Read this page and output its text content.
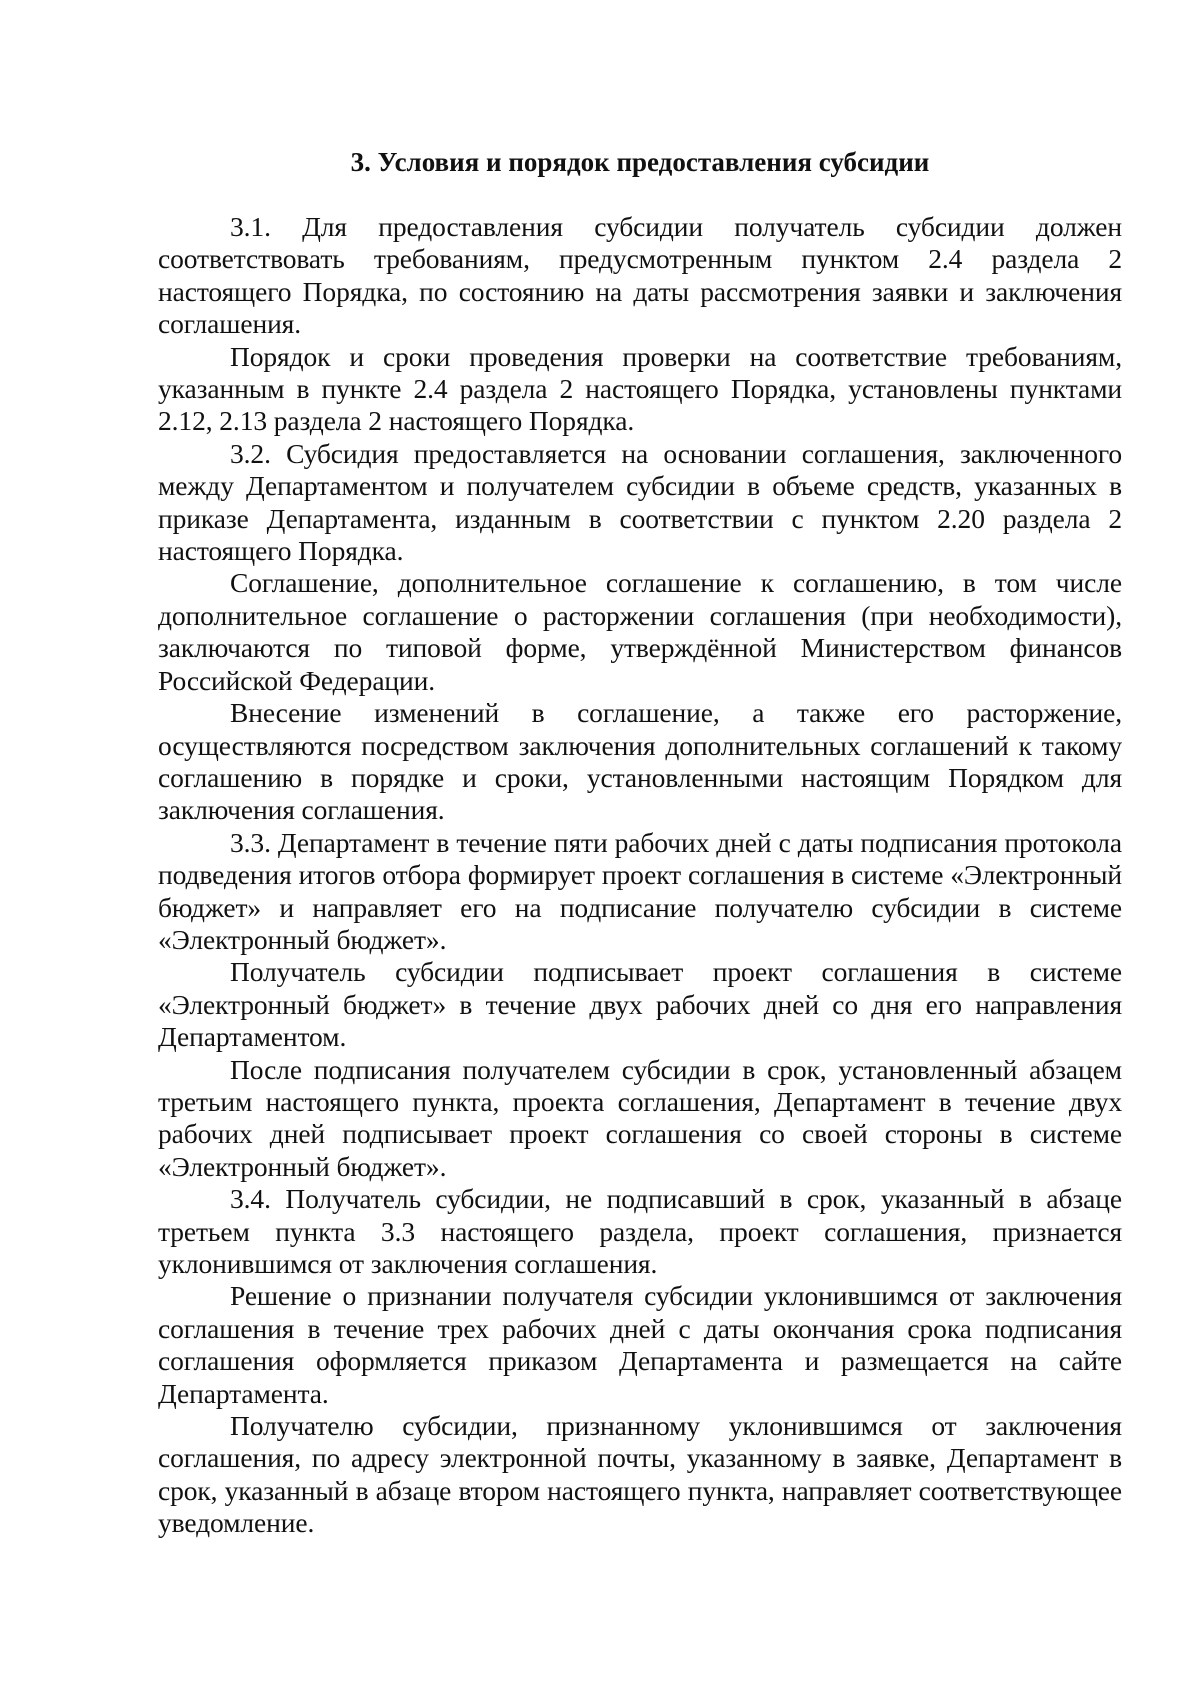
3. Условия и порядок предоставления субсидии

3.1. Для предоставления субсидии получатель субсидии должен соответствовать требованиям, предусмотренным пунктом 2.4 раздела 2 настоящего Порядка, по состоянию на даты рассмотрения заявки и заключения соглашения.

Порядок и сроки проведения проверки на соответствие требованиям, указанным в пункте 2.4 раздела 2 настоящего Порядка, установлены пунктами 2.12, 2.13 раздела 2 настоящего Порядка.

3.2. Субсидия предоставляется на основании соглашения, заключенного между Департаментом и получателем субсидии в объеме средств, указанных в приказе Департамента, изданным в соответствии с пунктом 2.20 раздела 2 настоящего Порядка.

Соглашение, дополнительное соглашение к соглашению, в том числе дополнительное соглашение о расторжении соглашения (при необходимости), заключаются по типовой форме, утверждённой Министерством финансов Российской Федерации.

Внесение изменений в соглашение, а также его расторжение, осуществляются посредством заключения дополнительных соглашений к такому соглашению в порядке и сроки, установленными настоящим Порядком для заключения соглашения.

3.3. Департамент в течение пяти рабочих дней с даты подписания протокола подведения итогов отбора формирует проект соглашения в системе «Электронный бюджет» и направляет его на подписание получателю субсидии в системе «Электронный бюджет».

Получатель субсидии подписывает проект соглашения в системе «Электронный бюджет» в течение двух рабочих дней со дня его направления Департаментом.

После подписания получателем субсидии в срок, установленный абзацем третьим настоящего пункта, проекта соглашения, Департамент в течение двух рабочих дней подписывает проект соглашения со своей стороны в системе «Электронный бюджет».

3.4. Получатель субсидии, не подписавший в срок, указанный в абзаце третьем пункта 3.3 настоящего раздела, проект соглашения, признается уклонившимся от заключения соглашения.

Решение о признании получателя субсидии уклонившимся от заключения соглашения в течение трех рабочих дней с даты окончания срока подписания соглашения оформляется приказом Департамента и размещается на сайте Департамента.

Получателю субсидии, признанному уклонившимся от заключения соглашения, по адресу электронной почты, указанному в заявке, Департамент в срок, указанный в абзаце втором настоящего пункта, направляет соответствующее уведомление.
